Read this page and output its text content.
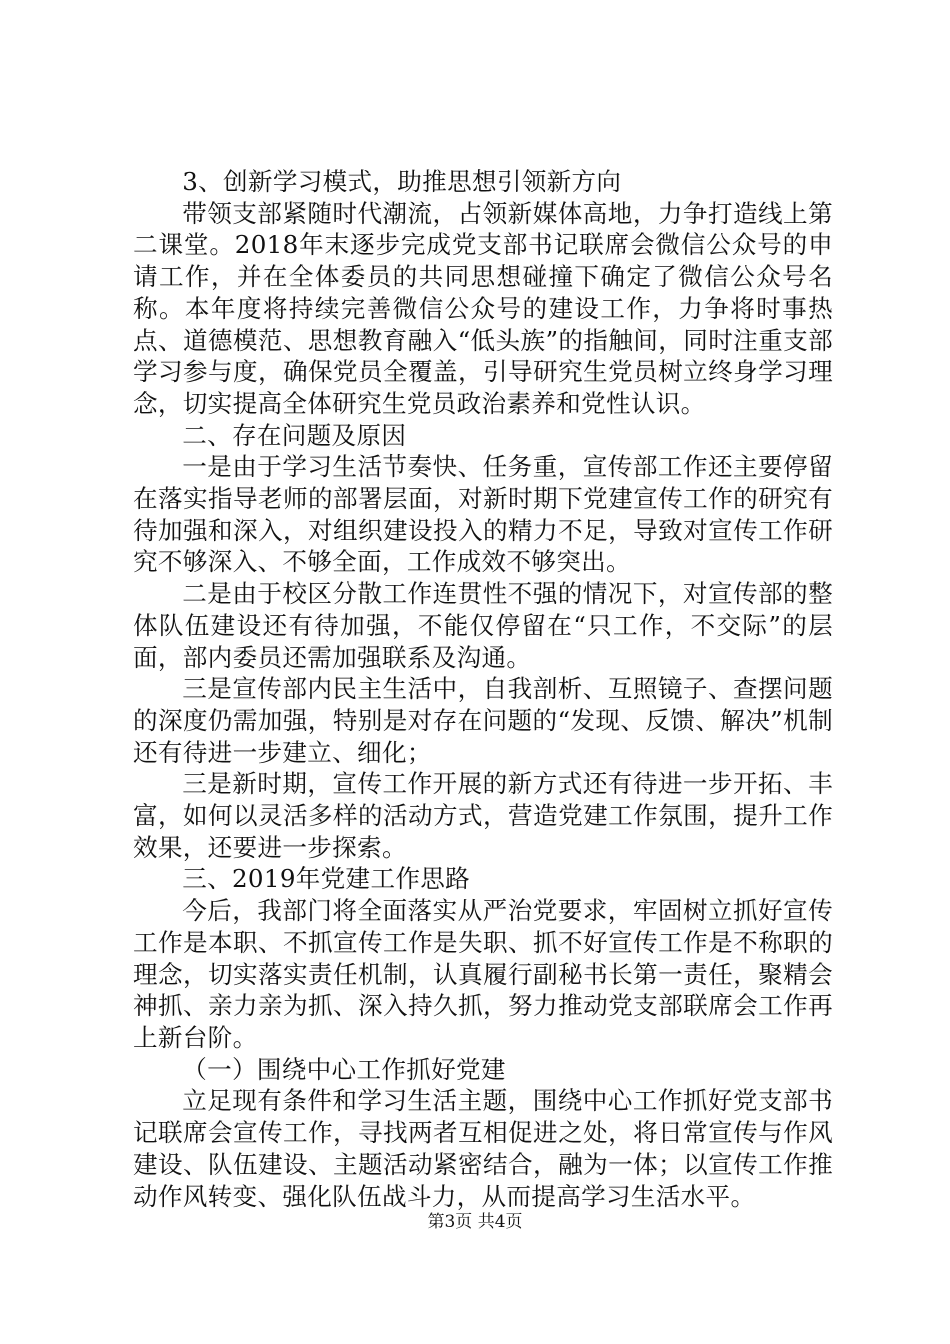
3、创新学习模式，助推思想引领新方向

带领支部紧随时代潮流，占领新媒体高地，力争打造线上第二课堂。2018年末逐步完成党支部书记联席会微信公众号的申请工作，并在全体委员的共同思想碰撞下确定了微信公众号名称。本年度将持续完善微信公众号的建设工作，力争将时事热点、道德模范、思想教育融入“低头族”的指触间，同时注重支部学习参与度，确保党员全覆盖，引导研究生党员树立终身学习理念，切实提高全体研究生党员政治素养和党性认识。

二、存在问题及原因

一是由于学习生活节奏快、任务重，宣传部工作还主要停留在落实指导老师的部署层面，对新时期下党建宣传工作的研究有待加强和深入，对组织建设投入的精力不足，导致对宣传工作研究不够深入、不够全面，工作成效不够突出。

二是由于校区分散工作连贯性不强的情况下，对宣传部的整体队伍建设还有待加强，不能仅停留在“只工作，不交际”的层面，部内委员还需加强联系及沟通。

三是宣传部内民主生活中，自我剖析、互照镜子、查摆问题的深度仍需加强，特别是对存在问题的“发现、反馈、解决”机制还有待进一步建立、细化；

三是新时期，宣传工作开展的新方式还有待进一步开拓、丰富，如何以灵活多样的活动方式，营造党建工作氛围，提升工作效果，还要进一步探索。

三、2019年党建工作思路

今后，我部门将全面落实从严治党要求，牢固树立抓好宣传工作是本职、不抓宣传工作是失职、抓不好宣传工作是不称职的理念，切实落实责任机制，认真履行副秘书长第一责任，聚精会神抓、亲力亲为抓、深入持久抓，努力推动党支部联席会工作再上新台阶。

（一）围绕中心工作抓好党建

立足现有条件和学习生活主题，围绕中心工作抓好党支部书记联席会宣传工作，寻找两者互相促进之处，将日常宣传与作风建设、队伍建设、主题活动紧密结合，融为一体；以宣传工作推动作风转变、强化队伍战斗力，从而提高学习生活水平。

第3页 共4页
